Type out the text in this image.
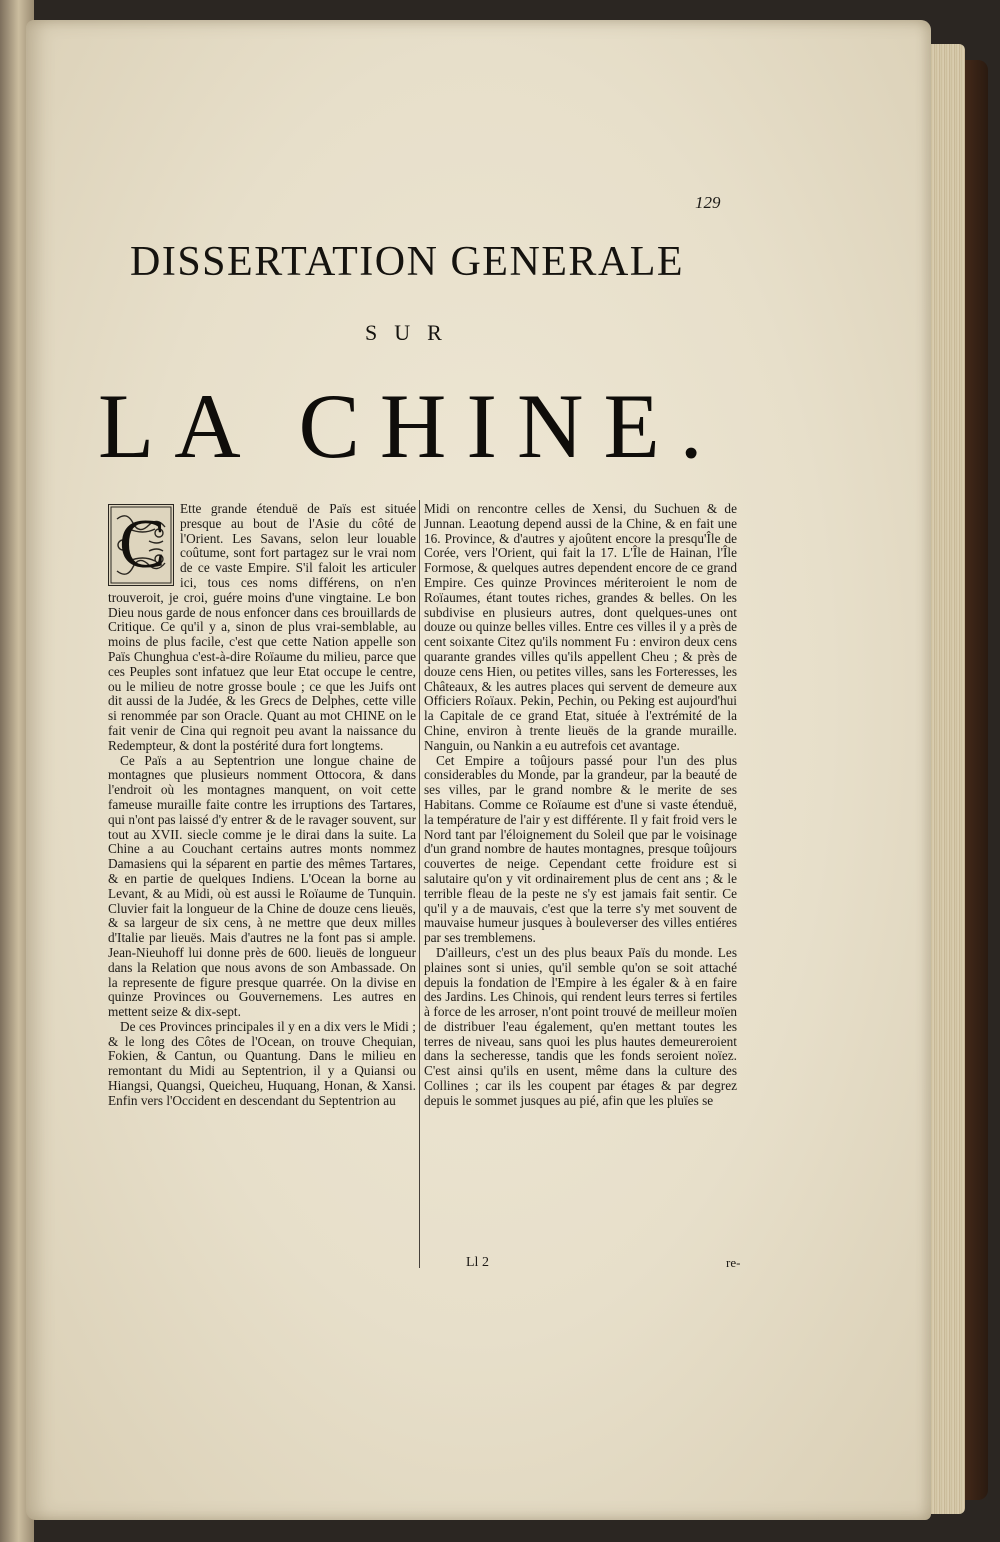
129
DISSERTATION GENERALE
SUR
LA CHINE.
C	Ette grande étenduë de Païs est située presque au bout de l'Asie du côté de l'Orient. Les Savans, selon leur louable coûtume, sont fort partagez sur le vrai nom de ce vaste Empire. S'il faloit les articuler ici, tous ces noms différens, on n'en trouveroit, je croi, guére moins d'une vingtaine. Le bon Dieu nous garde de nous enfoncer dans ces brouillards de Critique. Ce qu'il y a, sinon de plus vrai-semblable, au moins de plus facile, c'est que cette Nation appelle son Païs Chunghua c'est-à-dire Roïaume du milieu, parce que ces Peuples sont infatuez que leur Etat occupe le centre, ou le milieu de notre grosse boule ; ce que les Juifs ont dit aussi de la Judée, & les Grecs de Delphes, cette ville si renommée par son Oracle. Quant au mot CHINE on le fait venir de Cina qui regnoit peu avant la naissance du Redempteur, & dont la postérité dura fort longtems.

Ce Païs a au Septentrion une longue chaine de montagnes que plusieurs nomment Ottocora, & dans l'endroit où les montagnes manquent, on voit cette fameuse muraille faite contre les irruptions des Tartares, qui n'ont pas laissé d'y entrer & de le ravager souvent, sur tout au XVII. siecle comme je le dirai dans la suite. La Chine a au Couchant certains autres monts nommez Damasiens qui la séparent en partie des mêmes Tartares, & en partie de quelques Indiens. L'Ocean la borne au Levant, & au Midi, où est aussi le Roïaume de Tunquin. Cluvier fait la longueur de la Chine de douze cens lieuës, & sa largeur de six cens, à ne mettre que deux milles d'Italie par lieuës. Mais d'autres ne la font pas si ample. Jean-Nieuhoff lui donne près de 600. lieuës de longueur dans la Relation que nous avons de son Ambassade. On la represente de figure presque quarrée. On la divise en quinze Provinces ou Gouvernemens. Les autres en mettent seize & dix-sept.

De ces Provinces principales il y en a dix vers le Midi ; & le long des Côtes de l'Ocean, on trouve Chequian, Fokien, & Cantun, ou Quantung. Dans le milieu en remontant du Midi au Septentrion, il y a Quiansi ou Hiangsi, Quangsi, Queicheu, Huquang, Honan, & Xansi. Enfin vers l'Occident en descendant du Septentrion au

Midi on rencontre celles de Xensi, du Suchuen & de Junnan. Leaotung depend aussi de la Chine, & en fait une 16. Province, & d'autres y ajoûtent encore la presqu'Île de Corée, vers l'Orient, qui fait la 17. L'Île de Hainan, l'Île Formose, & quelques autres dependent encore de ce grand Empire. Ces quinze Provinces mériteroient le nom de Roïaumes, étant toutes riches, grandes & belles. On les subdivise en plusieurs autres, dont quelques-unes ont douze ou quinze belles villes. Entre ces villes il y a près de cent soixante Citez qu'ils nomment Fu : environ deux cens quarante grandes villes qu'ils appellent Cheu ; & près de douze cens Hien, ou petites villes, sans les Forteresses, les Châteaux, & les autres places qui servent de demeure aux Officiers Roïaux. Pekin, Pechin, ou Peking est aujourd'hui la Capitale de ce grand Etat, située à l'extrémité de la Chine, environ à trente lieuës de la grande muraille. Nanguin, ou Nankin a eu autrefois cet avantage.

Cet Empire a toûjours passé pour l'un des plus considerables du Monde, par la grandeur, par la beauté de ses villes, par le grand nombre & le merite de ses Habitans. Comme ce Roïaume est d'une si vaste étenduë, la température de l'air y est différente. Il y fait froid vers le Nord tant par l'éloignement du Soleil que par le voisinage d'un grand nombre de hautes montagnes, presque toûjours couvertes de neige. Cependant cette froidure est si salutaire qu'on y vit ordinairement plus de cent ans ; & le terrible fleau de la peste ne s'y est jamais fait sentir. Ce qu'il y a de mauvais, c'est que la terre s'y met souvent de mauvaise humeur jusques à bouleverser des villes entiéres par ses tremblemens.

D'ailleurs, c'est un des plus beaux Païs du monde. Les plaines sont si unies, qu'il semble qu'on se soit attaché depuis la fondation de l'Empire à les égaler & à en faire des Jardins. Les Chinois, qui rendent leurs terres si fertiles à force de les arroser, n'ont point trouvé de meilleur moïen de distribuer l'eau également, qu'en mettant toutes les terres de niveau, sans quoi les plus hautes demeureroient dans la secheresse, tandis que les fonds seroient noïez. C'est ainsi qu'ils en usent, même dans la culture des Collines ; car ils les coupent par étages & par degrez depuis le sommet jusques au pié, afin que les pluïes se

Ll 2	re-
